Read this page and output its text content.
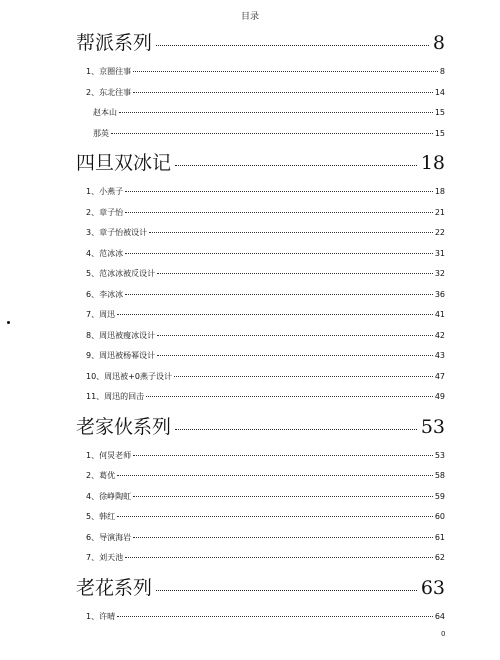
目录
帮派系列	8
1、京圈往事	8
2、东北往事	14
赵本山	15
那英	15
四旦双冰记	18
1、小燕子	18
2、章子怡	21
3、章子怡被设计	22
4、范冰冰	31
5、范冰冰被反设计	32
6、李冰冰	36
7、周迅	41
8、周迅被瘦冰设计	42
9、周迅被杨幂设计	43
10、周迅被+0燕子设计	47
11、周迅的回击	49
老家伙系列	53
1、何炅老师	53
2、葛优	58
4、徐峥陶虹	59
5、韩红	60
6、导演海岩	61
7、刘天池	62
老花系列	63
1、许晴	64
0
